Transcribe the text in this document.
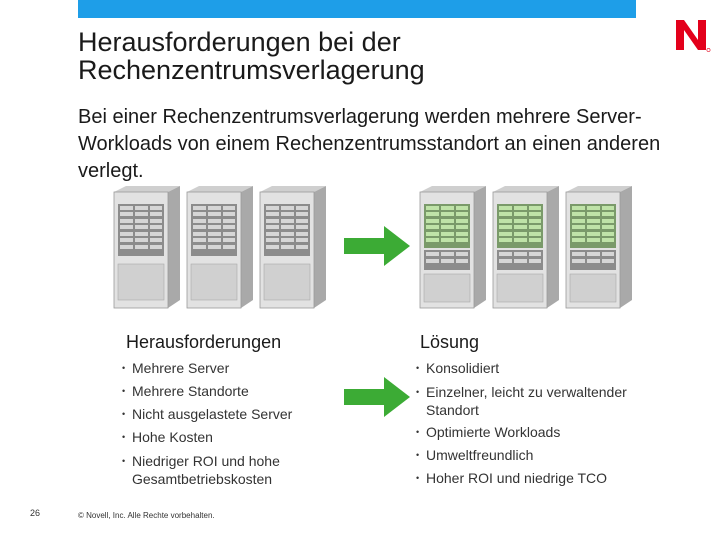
Herausforderungen bei der Rechenzentrumsverlagerung

Bei einer Rechenzentrumsverlagerung werden mehrere Server-Workloads von einem Rechenzentrumsstandort an einen anderen verlegt.

Herausforderungen
• Mehrere Server
• Mehrere Standorte
• Nicht ausgelastete Server
• Hohe Kosten
• Niedriger ROI und hohe Gesamtbetriebskosten
Lösung
• Konsolidiert
• Einzelner, leicht zu verwaltender Standort
• Optimierte Workloads
• Umweltfreundlich
• Hoher ROI und niedrige TCO
26	© Novell, Inc. Alle Rechte vorbehalten.
